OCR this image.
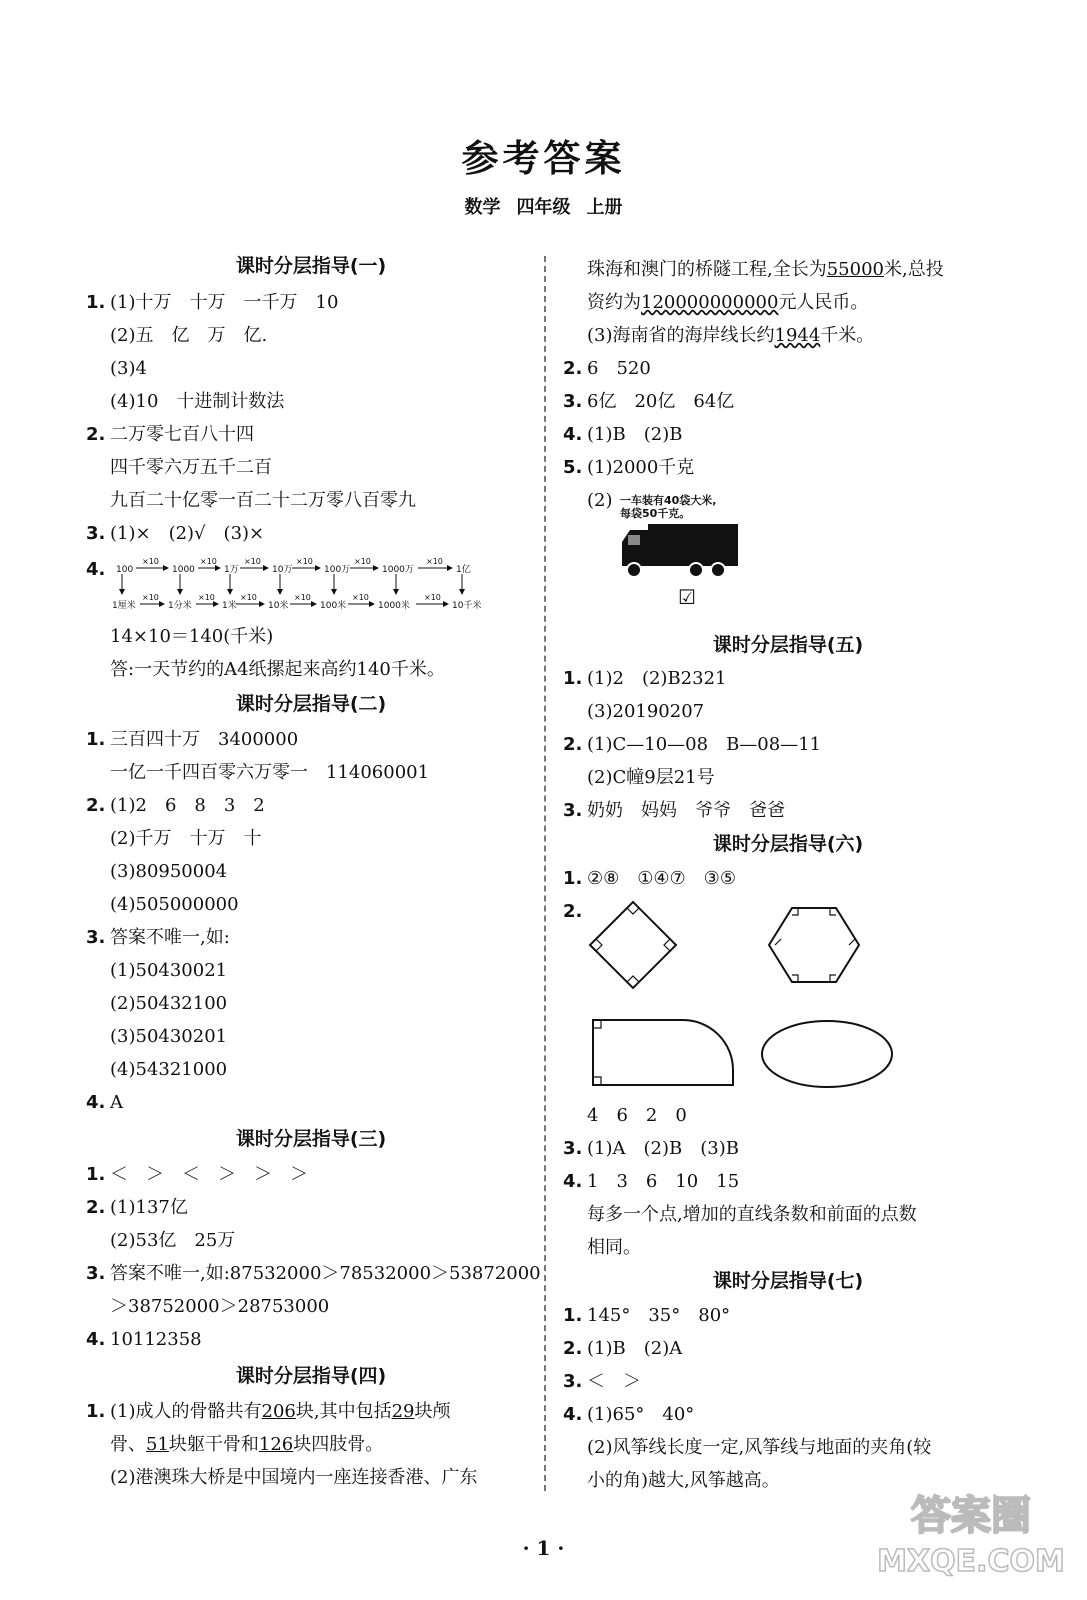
参考答案
数学 四年级 上册
课时分层指导(一)
1. (1)十万　十万　一千万　10
(2)五　亿　万　亿.
(3)4
(4)10　十进制计数法
2. 二万零七百八十四
四千零六万五千二百
九百二十亿零一百二十二万零八百零九
3. (1)×　(2)√　(3)×
4.	100	1000	1万	10万	100万	1000万	1亿
1厘米	1分米	1米	10米	100米	1000米	10千米
×10	×10	×10	×10	×10	×10
×10	×10	×10	×10	×10	×10
14×10＝140(千米)
答:一天节约的A4纸摞起来高约140千米。
课时分层指导(二)
1. 三百四十万　3400000
一亿一千四百零六万零一　114060001
2. (1)2　6　8　3　2
(2)千万　十万　十
(3)80950004
(4)505000000
3. 答案不唯一,如:
(1)50430021
(2)50432100
(3)50430201
(4)54321000
4. A
课时分层指导(三)
1. ＜　＞　＜　＞　＞　＞
2. (1)137亿
(2)53亿　25万
3. 答案不唯一,如:87532000＞78532000＞53872000
＞38752000＞28753000
4. 10112358
课时分层指导(四)
1. (1)成人的骨骼共有206块,其中包括29块颅
骨、51块躯干骨和126块四肢骨。
(2)港澳珠大桥是中国境内一座连接香港、广东
珠海和澳门的桥隧工程,全长为55000米,总投
资约为120000000000元人民币。
(3)海南省的海岸线长约1944千米。
2. 6　520
3. 6亿　20亿　64亿
4. (1)B　(2)B
5. (1)2000千克
(2) 一车装有40袋大米,
每袋50千克。
☑
课时分层指导(五)
1. (1)2　(2)B2321
(3)20190207
2. (1)C—10—08　B—08—11
(2)C幢9层21号
3. 奶奶　妈妈　爷爷　爸爸
课时分层指导(六)
1. ②⑧　①④⑦　③⑤
2.
4　6　2　0
3. (1)A　(2)B　(3)B
4. 1　3　6　10　15
每多一个点,增加的直线条数和前面的点数
相同。
课时分层指导(七)
1. 145°　35°　80°
2. (1)B　(2)A
3. ＜　＞
4. (1)65°　40°
(2)风筝线长度一定,风筝线与地面的夹角(较
小的角)越大,风筝越高。
· 1 ·
答案圈
MXQE.COM
